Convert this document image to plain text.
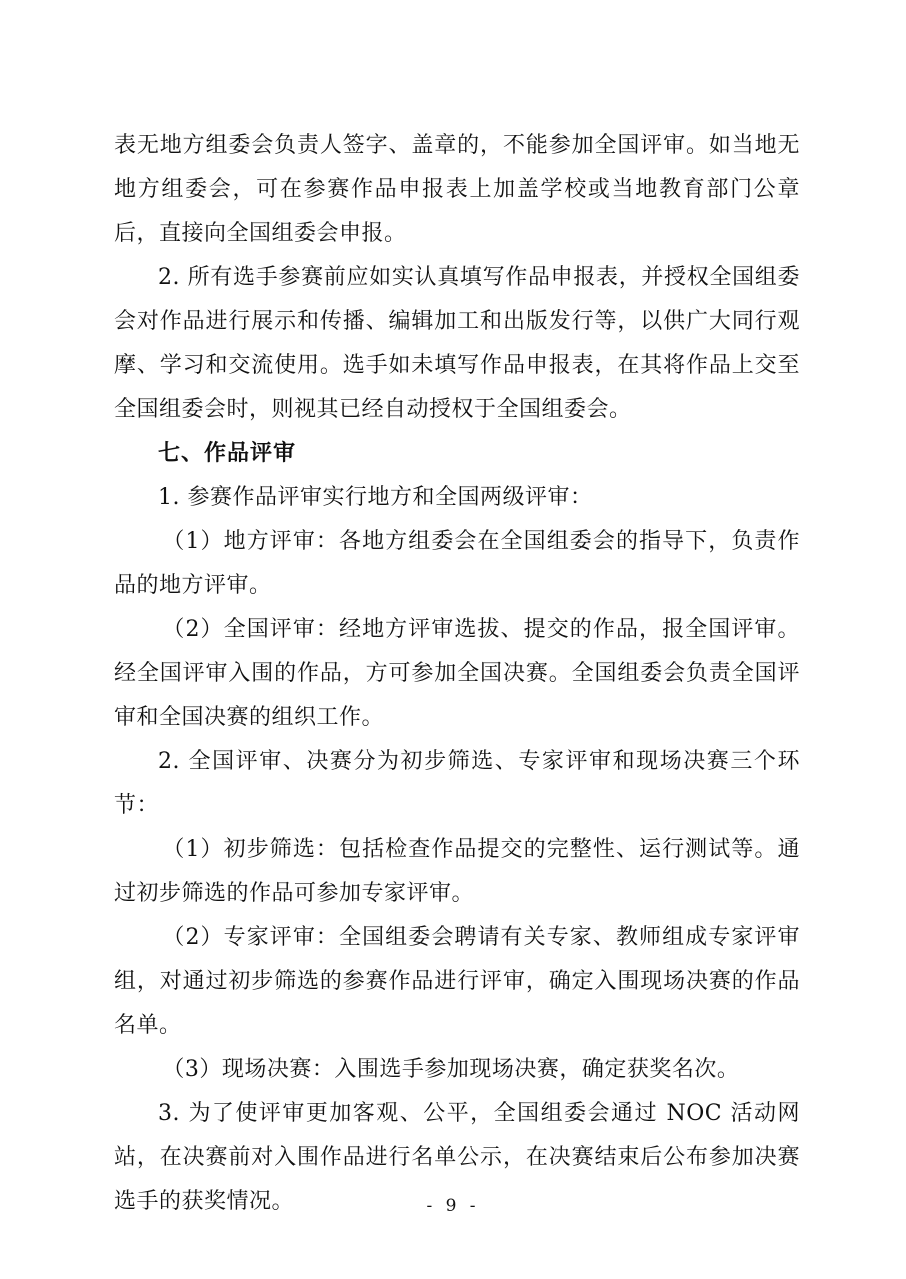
表无地方组委会负责人签字、盖章的，不能参加全国评审。如当地无地方组委会，可在参赛作品申报表上加盖学校或当地教育部门公章后，直接向全国组委会申报。

2. 所有选手参赛前应如实认真填写作品申报表，并授权全国组委会对作品进行展示和传播、编辑加工和出版发行等，以供广大同行观摩、学习和交流使用。选手如未填写作品申报表，在其将作品上交至全国组委会时，则视其已经自动授权于全国组委会。

七、作品评审

1. 参赛作品评审实行地方和全国两级评审：

（1）地方评审：各地方组委会在全国组委会的指导下，负责作品的地方评审。

（2）全国评审：经地方评审选拔、提交的作品，报全国评审。经全国评审入围的作品，方可参加全国决赛。全国组委会负责全国评审和全国决赛的组织工作。

2. 全国评审、决赛分为初步筛选、专家评审和现场决赛三个环节：

（1）初步筛选：包括检查作品提交的完整性、运行测试等。通过初步筛选的作品可参加专家评审。

（2）专家评审：全国组委会聘请有关专家、教师组成专家评审组，对通过初步筛选的参赛作品进行评审，确定入围现场决赛的作品名单。

（3）现场决赛：入围选手参加现场决赛，确定获奖名次。

3. 为了使评审更加客观、公平，全国组委会通过 NOC 活动网站，在决赛前对入围作品进行名单公示，在决赛结束后公布参加决赛选手的获奖情况。	- 9 -
